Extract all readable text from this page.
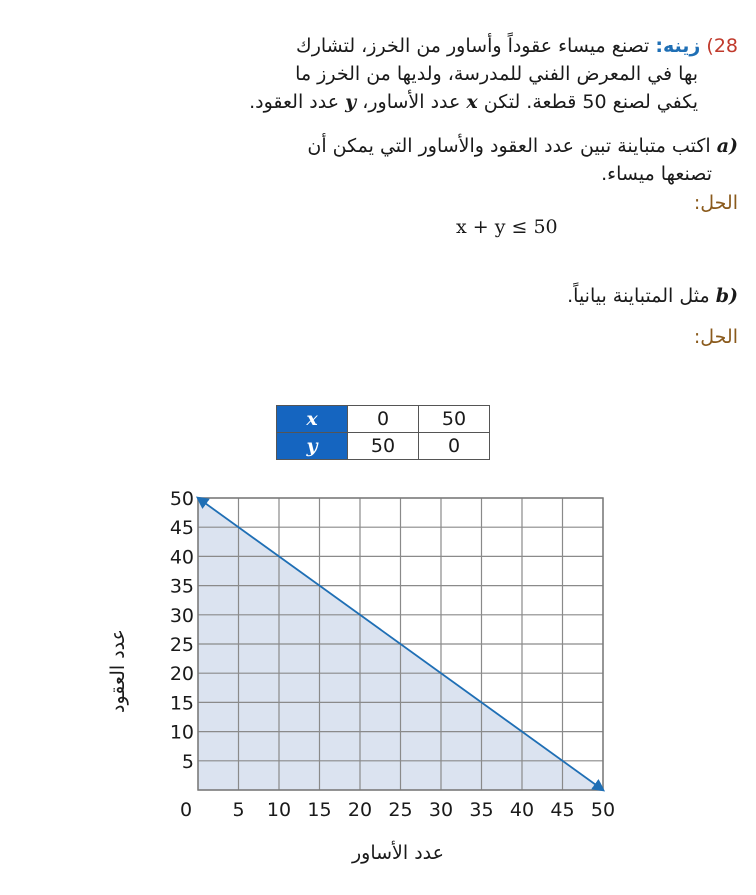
28) زينه: تصنع ميساء عقوداً وأساور من الخرز، لتشارك
بها في المعرض الفني للمدرسة، ولديها من الخرز ما
يكفي لصنع 50 قطعة. لتكن x عدد الأساور، y عدد العقود.
a) اكتب متباينة تبين عدد العقود والأساور التي يمكن أن
تصنعها ميساء.
الحل:
x + y ≤ 50
b) مثل المتباينة بيانياً.
الحل:
x	0	50
y	50	0
0 5 10 15 20 25 30 35 40 45 50
5
10
15
20
25
30
35
40
45
50
عدد الأساور
عدد العقود
